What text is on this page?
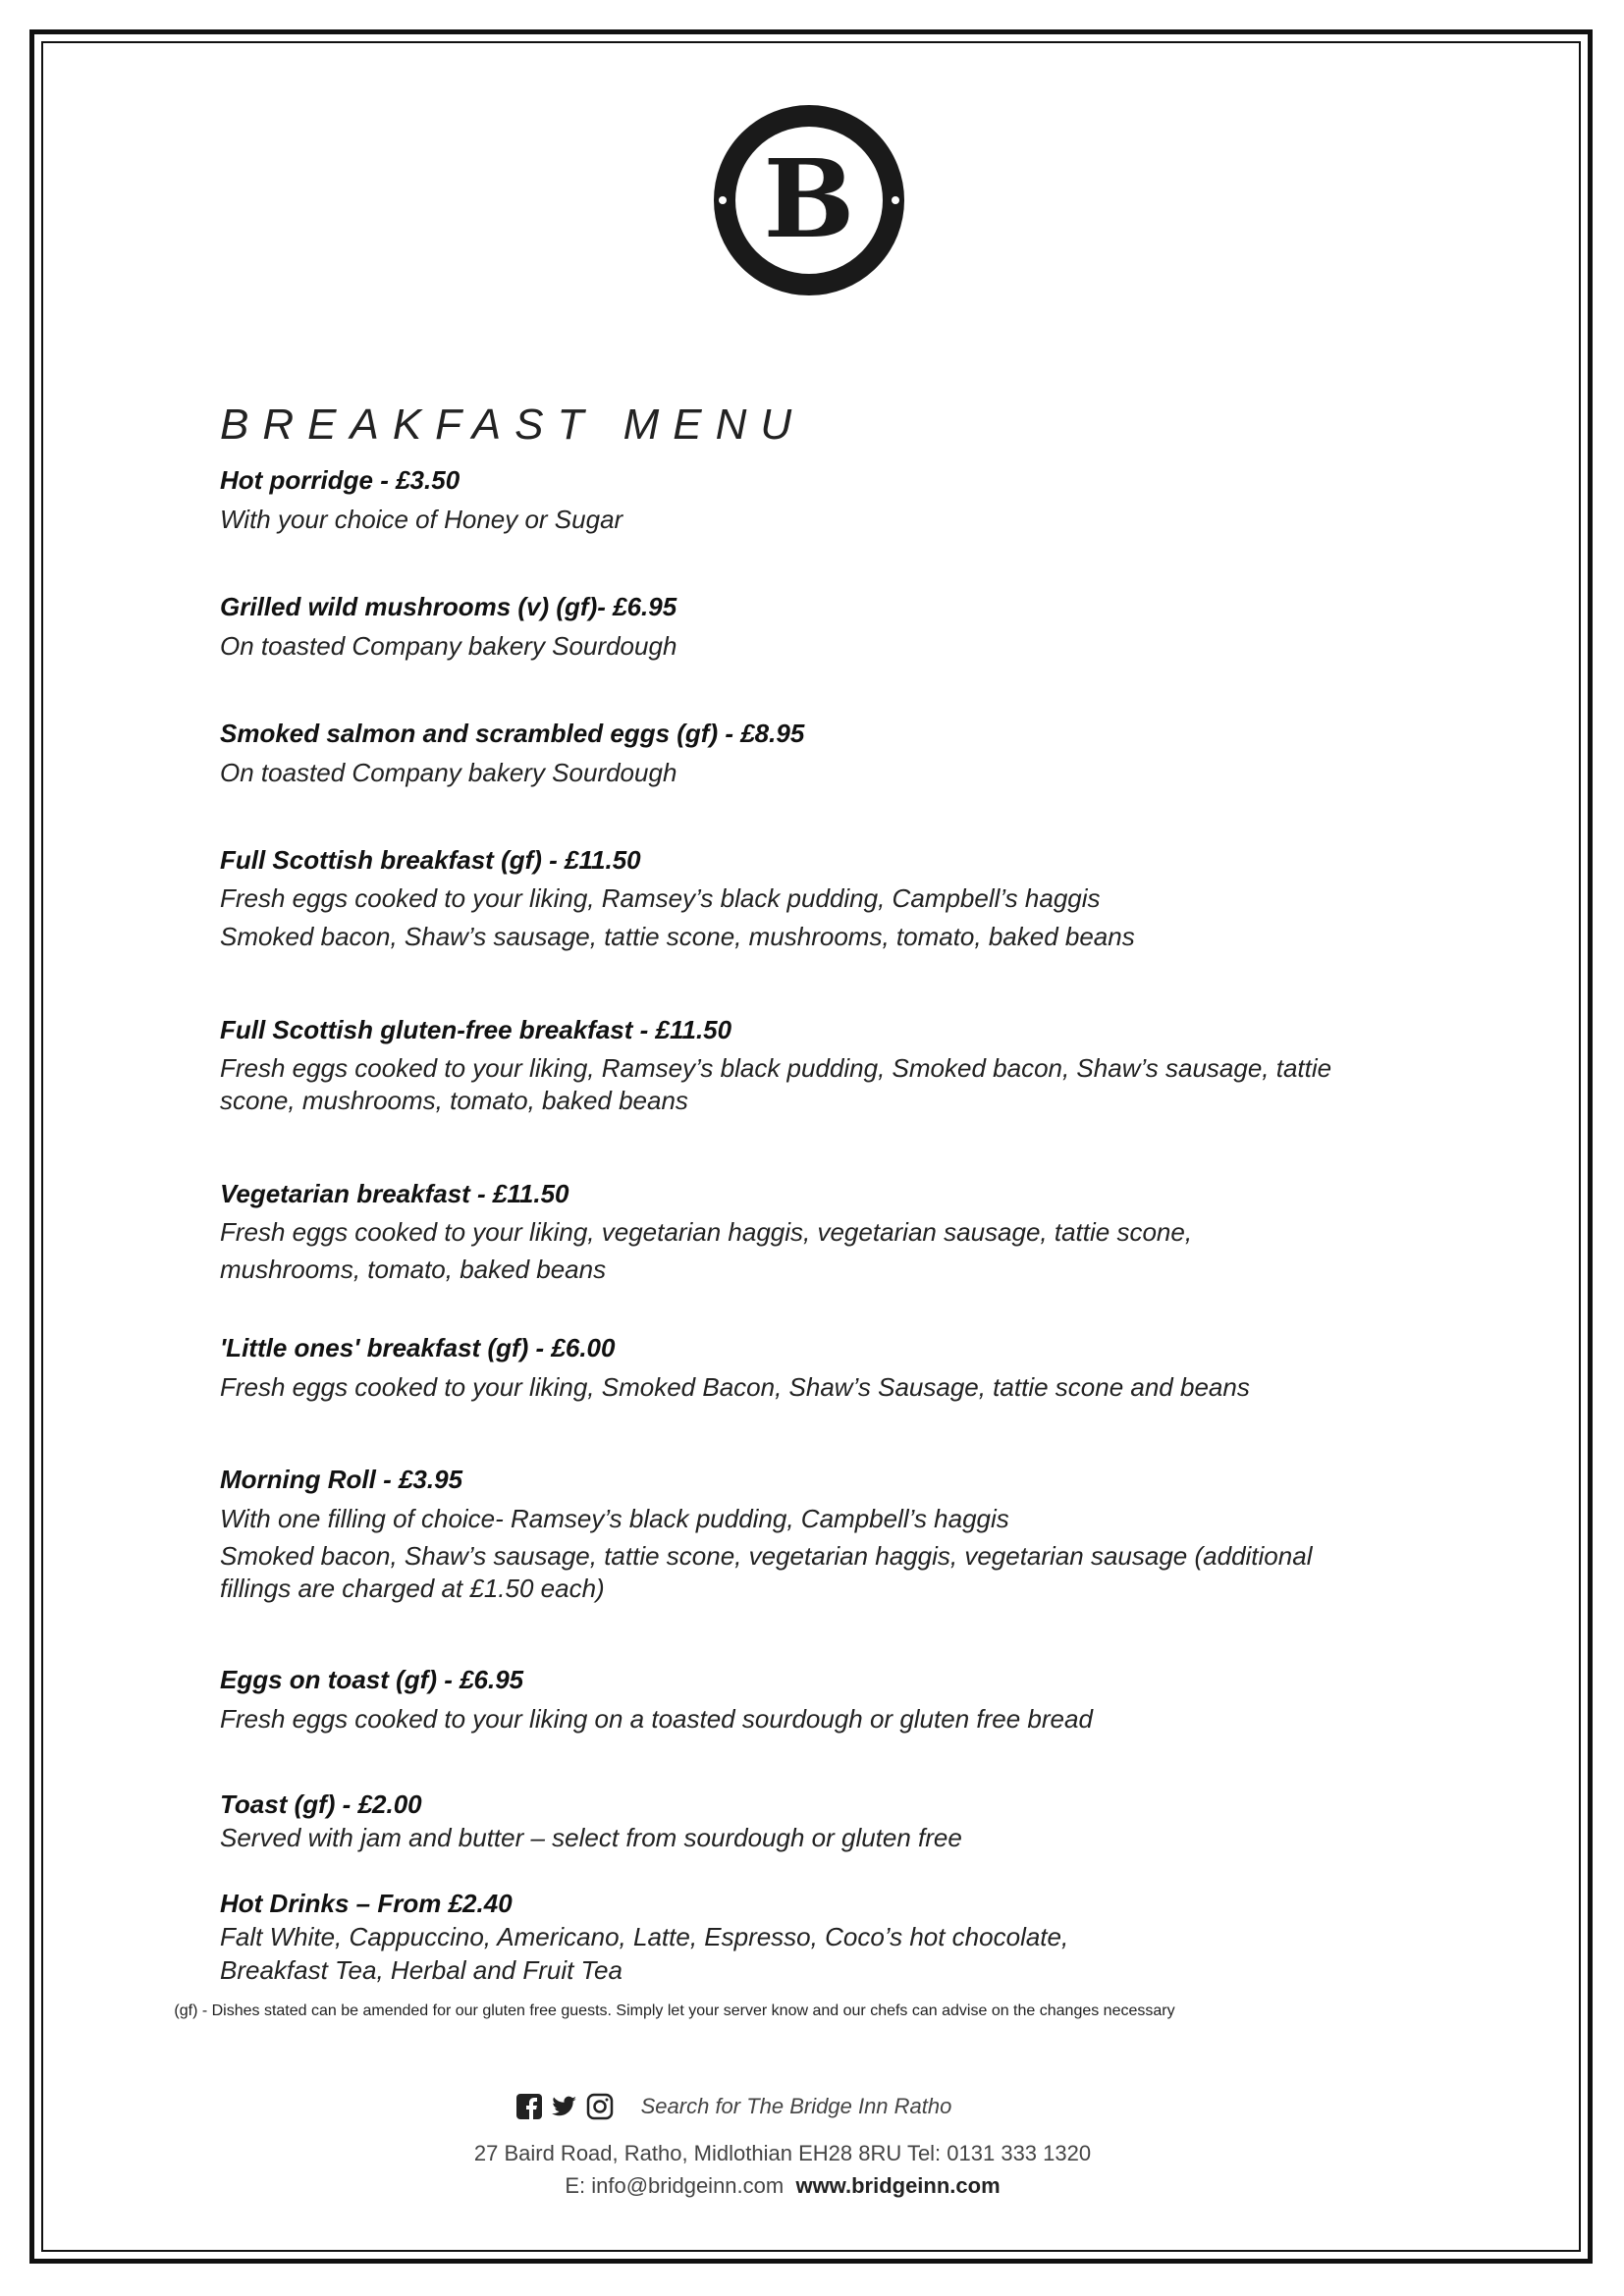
B
BREAKFAST MENU
Hot porridge - £3.50
With your choice of Honey or Sugar
Grilled wild mushrooms (v) (gf)- £6.95
On toasted Company bakery Sourdough
Smoked salmon and scrambled eggs (gf) - £8.95
On toasted Company bakery Sourdough
Full Scottish breakfast (gf) - £11.50
Fresh eggs cooked to your liking, Ramsey’s black pudding, Campbell’s haggis
Smoked bacon, Shaw’s sausage, tattie scone, mushrooms, tomato, baked beans
Full Scottish gluten-free breakfast - £11.50
Fresh eggs cooked to your liking, Ramsey’s black pudding, Smoked bacon, Shaw’s sausage, tattie
scone, mushrooms, tomato, baked beans
Vegetarian breakfast - £11.50
Fresh eggs cooked to your liking, vegetarian haggis, vegetarian sausage, tattie scone,
mushrooms, tomato, baked beans
'Little ones' breakfast (gf) - £6.00
Fresh eggs cooked to your liking, Smoked Bacon, Shaw’s Sausage, tattie scone and beans
Morning Roll - £3.95
With one filling of choice- Ramsey’s black pudding, Campbell’s haggis
Smoked bacon, Shaw’s sausage, tattie scone, vegetarian haggis, vegetarian sausage (additional
fillings are charged at £1.50 each)
Eggs on toast (gf) - £6.95
Fresh eggs cooked to your liking on a toasted sourdough or gluten free bread
Toast (gf) - £2.00
Served with jam and butter – select from sourdough or gluten free
Hot Drinks – From £2.40
Falt White, Cappuccino, Americano, Latte, Espresso, Coco’s hot chocolate,
Breakfast Tea, Herbal and Fruit Tea
(gf) - Dishes stated can be amended for our gluten free guests. Simply let your server know and our chefs can advise on the changes necessary
Search for The Bridge Inn Ratho
27 Baird Road, Ratho, Midlothian EH28 8RU Tel: 0131 333 1320
E: info@bridgeinn.com www.bridgeinn.com
